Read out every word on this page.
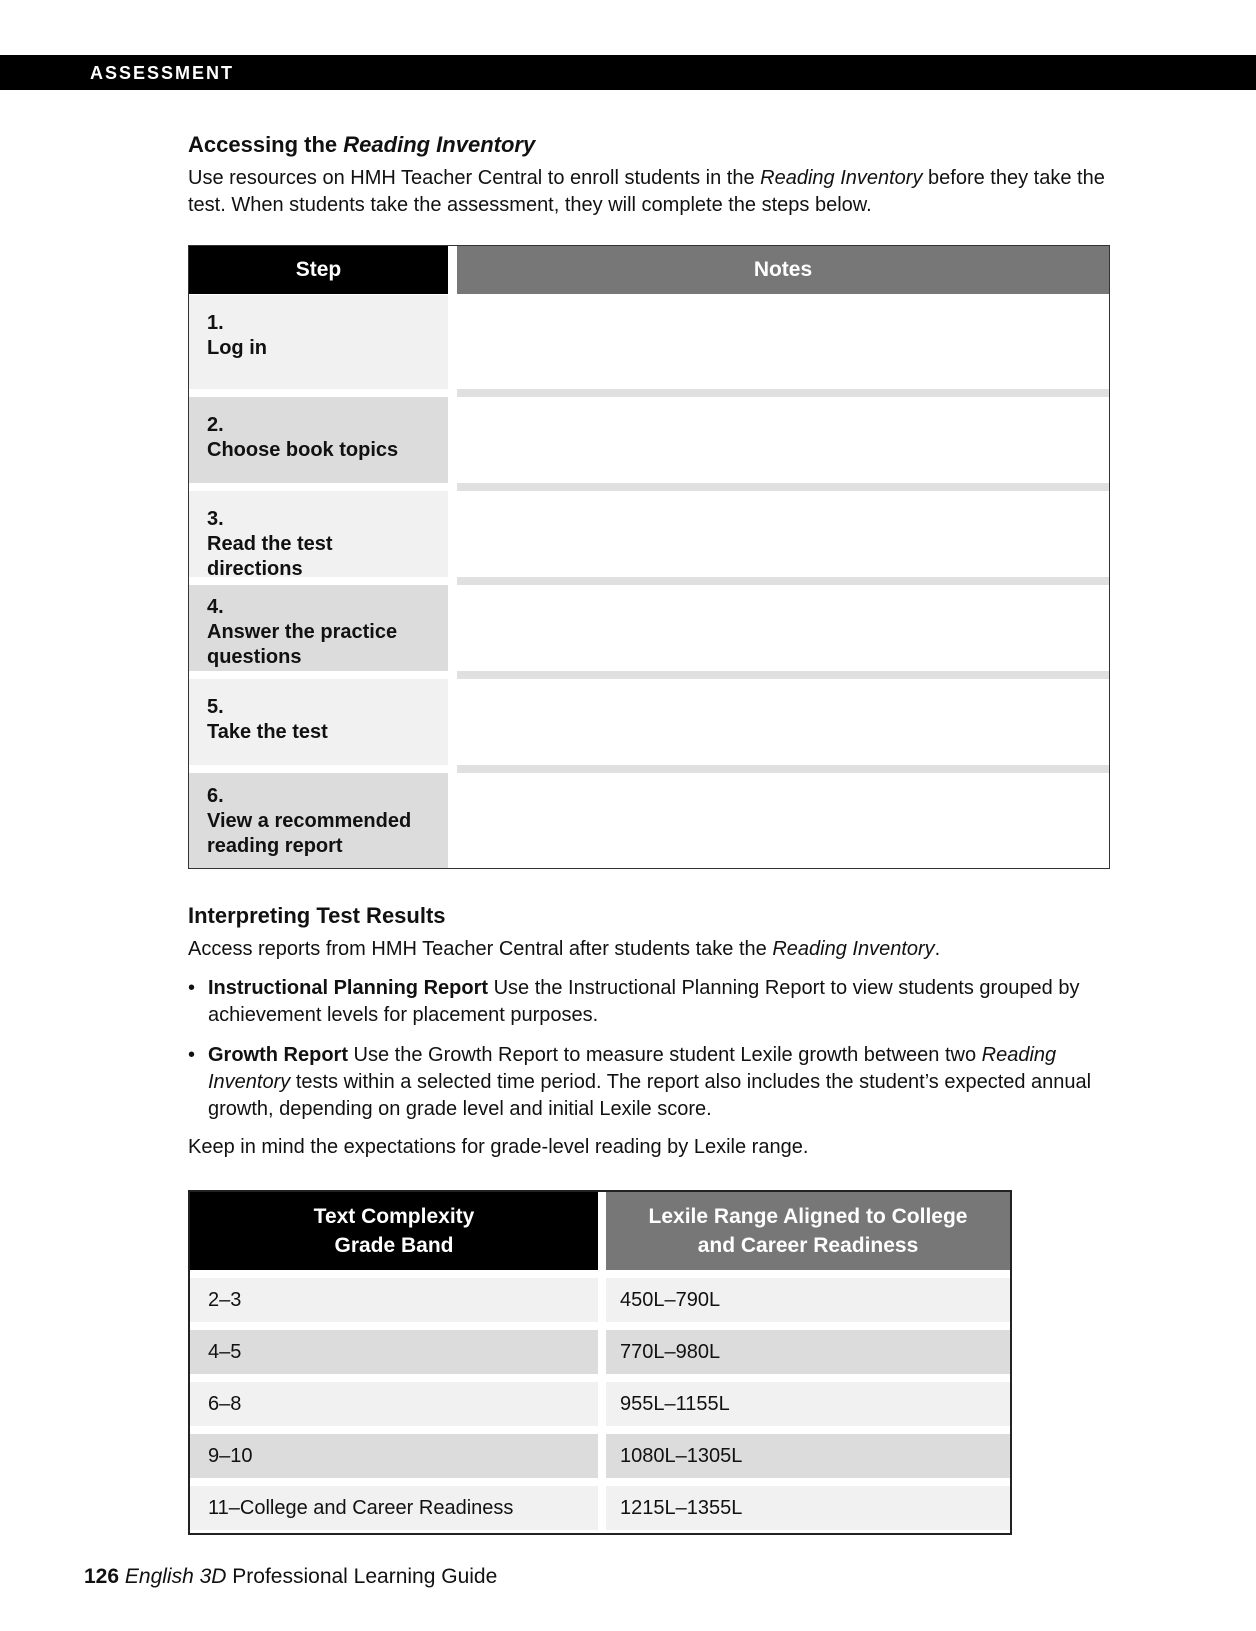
ASSESSMENT
Accessing the Reading Inventory

Use resources on HMH Teacher Central to enroll students in the Reading Inventory before they take the test. When students take the assessment, they will complete the steps below.

Step	Notes
1.Log in
2.Choose book topics
3.Read the test directions
4.Answer the practice questions
5.Take the test
6.View a recommended reading report
Interpreting Test Results

Access reports from HMH Teacher Central after students take the Reading Inventory.

• Instructional Planning Report Use the Instructional Planning Report to view students grouped by achievement levels for placement purposes.
• Growth Report Use the Growth Report to measure student Lexile growth between two Reading Inventory tests within a selected time period. The report also includes the student’s expected annual growth, depending on grade level and initial Lexile score.

Keep in mind the expectations for grade-level reading by Lexile range.

Text Complexity
Grade Band
Lexile Range Aligned to College
and Career Readiness
2–3	450L–790L
4–5	770L–980L
6–8	955L–1155L
9–10	1080L–1305L
11–College and Career Readiness	1215L–1355L
126 English 3D Professional Learning Guide
